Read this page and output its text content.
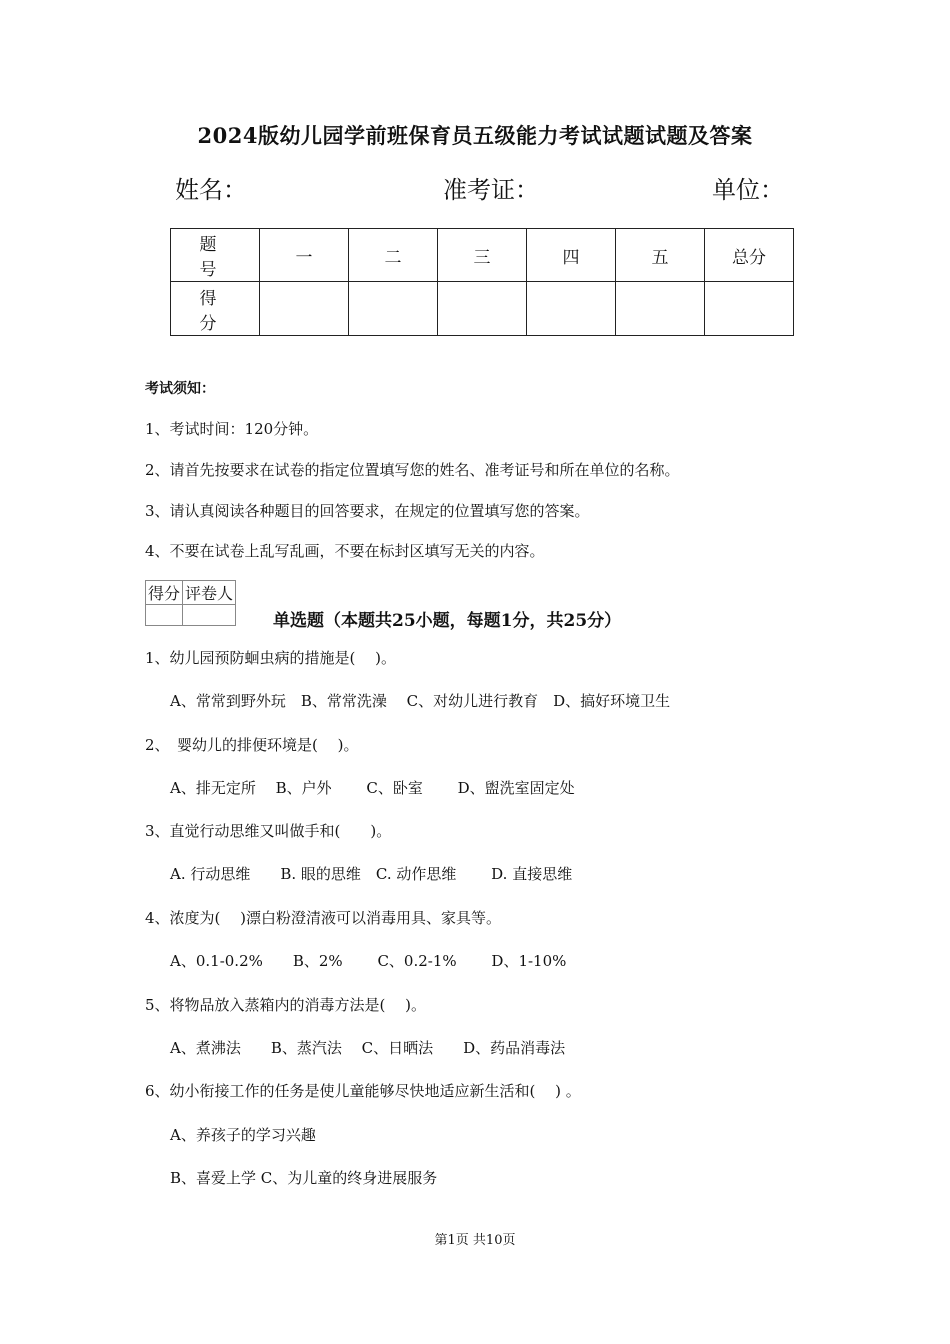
2024版幼儿园学前班保育员五级能力考试试题试题及答案
姓名：	准考证：	单位：
题　号	一	二	三	四	五	总分
得　分						
考试须知：
1、考试时间：120分钟。
2、请首先按要求在试卷的指定位置填写您的姓名、准考证号和所在单位的名称。
3、请认真阅读各种题目的回答要求，在规定的位置填写您的答案。
4、不要在试卷上乱写乱画，不要在标封区填写无关的内容。
得分	评卷人

单选题（本题共25小题，每题1分，共25分）
1、幼儿园预防蛔虫病的措施是(　 )。
A、常常到野外玩　B、常常洗澡　 C、对幼儿进行教育　D、搞好环境卫生
2、　婴幼儿的排便环境是(　 )。
A、排无定所　 B、户外　　 C、卧室　　 D、盥洗室固定处
3、直觉行动思维又叫做手和(　　)。
A. 行动思维　　B. 眼的思维　C. 动作思维　　 D. 直接思维
4、浓度为(　 )漂白粉澄清液可以消毒用具、家具等。
A、0.1-0.2%　　B、2%　　 C、0.2-1%　　 D、1-10%
5、将物品放入蒸箱内的消毒方法是(　 )。
A、煮沸法　　B、蒸汽法　 C、日晒法　　D、药品消毒法
6、幼小衔接工作的任务是使儿童能够尽快地适应新生活和(　 ) 。
A、养孩子的学习兴趣
B、喜爱上学 C、为儿童的终身进展服务
第1页 共10页
